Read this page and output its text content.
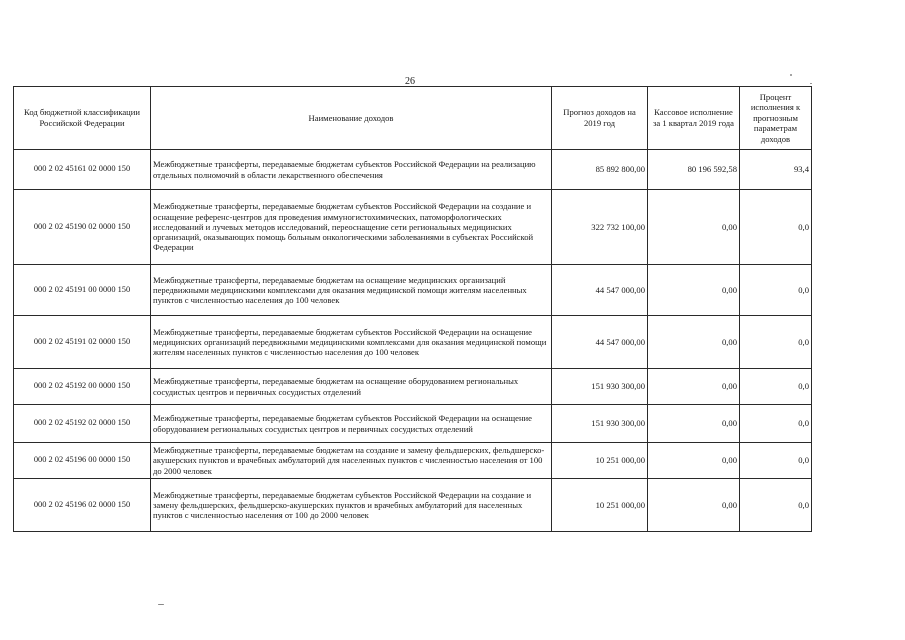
26
Код бюджетной классификации Российской Федерации	Наименование доходов	Прогноз доходов на 2019 год	Кассовое исполнение за 1 квартал 2019 года	Процент исполнения к прогнозным параметрам доходов
000 2 02 45161 02 0000 150	Межбюджетные трансферты, передаваемые бюджетам субъектов Российской Федерации на реализацию отдельных полномочий в области лекарственного обеспечения	85 892 800,00	80 196 592,58	93,4
000 2 02 45190 02 0000 150	Межбюджетные трансферты, передаваемые бюджетам субъектов Российской Федерации на создание и оснащение референс-центров для проведения иммуногистохимических, патоморфологических исследований и лучевых методов исследований, переоснащение сети региональных медицинских организаций, оказывающих помощь больным онкологическими заболеваниями в субъектах Российской Федерации	322 732 100,00	0,00	0,0
000 2 02 45191 00 0000 150	Межбюджетные трансферты, передаваемые бюджетам на оснащение медицинских организаций передвижными медицинскими комплексами для оказания медицинской помощи жителям населенных пунктов с численностью населения до 100 человек	44 547 000,00	0,00	0,0
000 2 02 45191 02 0000 150	Межбюджетные трансферты, передаваемые бюджетам субъектов Российской Федерации на оснащение медицинских организаций передвижными медицинскими комплексами для оказания медицинской помощи жителям населенных пунктов с численностью населения до 100 человек	44 547 000,00	0,00	0,0
000 2 02 45192 00 0000 150	Межбюджетные трансферты, передаваемые бюджетам на оснащение оборудованием региональных сосудистых центров и первичных сосудистых отделений	151 930 300,00	0,00	0,0
000 2 02 45192 02 0000 150	Межбюджетные трансферты, передаваемые бюджетам субъектов Российской Федерации на оснащение оборудованием региональных сосудистых центров и первичных сосудистых отделений	151 930 300,00	0,00	0,0
000 2 02 45196 00 0000 150	Межбюджетные трансферты, передаваемые бюджетам на создание и замену фельдшерских, фельдшерско-акушерских пунктов и врачебных амбулаторий для населенных пунктов с численностью населения от 100 до 2000 человек	10 251 000,00	0,00	0,0
000 2 02 45196 02 0000 150	Межбюджетные трансферты, передаваемые бюджетам субъектов Российской Федерации на создание и замену фельдшерских, фельдшерско-акушерских пунктов и врачебных амбулаторий для населенных пунктов с численностью населения от 100 до 2000 человек	10 251 000,00	0,00	0,0
